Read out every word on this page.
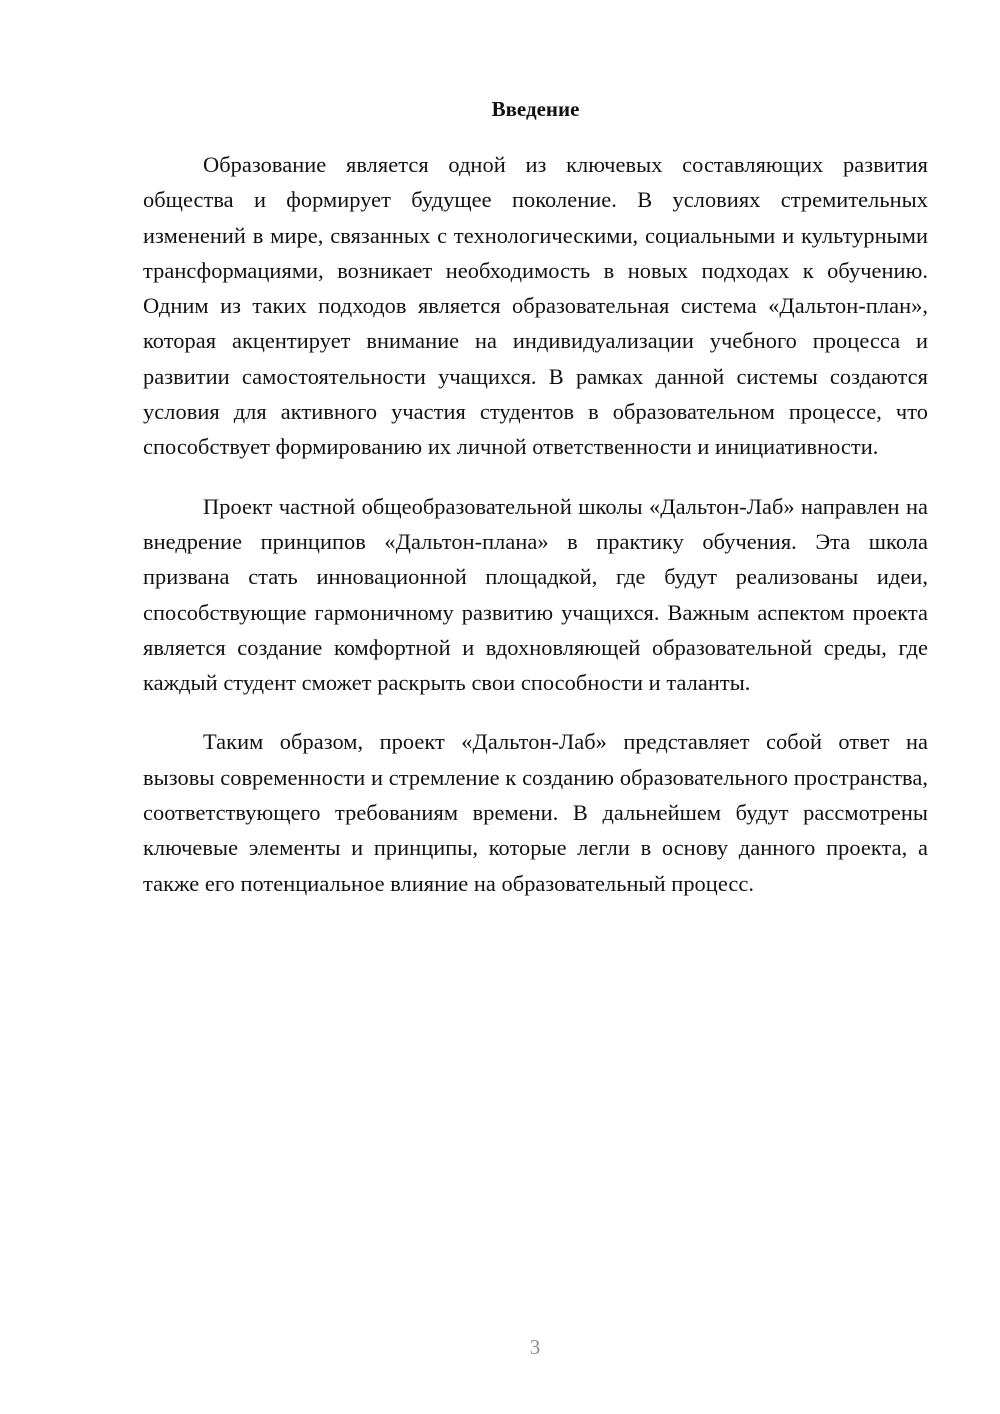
Введение

Образование является одной из ключевых составляющих развития общества и формирует будущее поколение. В условиях стремительных изменений в мире, связанных с технологическими, социальными и культурными трансформациями, возникает необходимость в новых подходах к обучению. Одним из таких подходов является образовательная система «Дальтон-план», которая акцентирует внимание на индивидуализации учебного процесса и развитии самостоятельности учащихся. В рамках данной системы создаются условия для активного участия студентов в образовательном процессе, что способствует формированию их личной ответственности и инициативности.

Проект частной общеобразовательной школы «Дальтон-Лаб» направлен на внедрение принципов «Дальтон-плана» в практику обучения. Эта школа призвана стать инновационной площадкой, где будут реализованы идеи, способствующие гармоничному развитию учащихся. Важным аспектом проекта является создание комфортной и вдохновляющей образовательной среды, где каждый студент сможет раскрыть свои способности и таланты.

Таким образом, проект «Дальтон-Лаб» представляет собой ответ на вызовы современности и стремление к созданию образовательного пространства, соответствующего требованиям времени. В дальнейшем будут рассмотрены ключевые элементы и принципы, которые легли в основу данного проекта, а также его потенциальное влияние на образовательный процесс.

3
